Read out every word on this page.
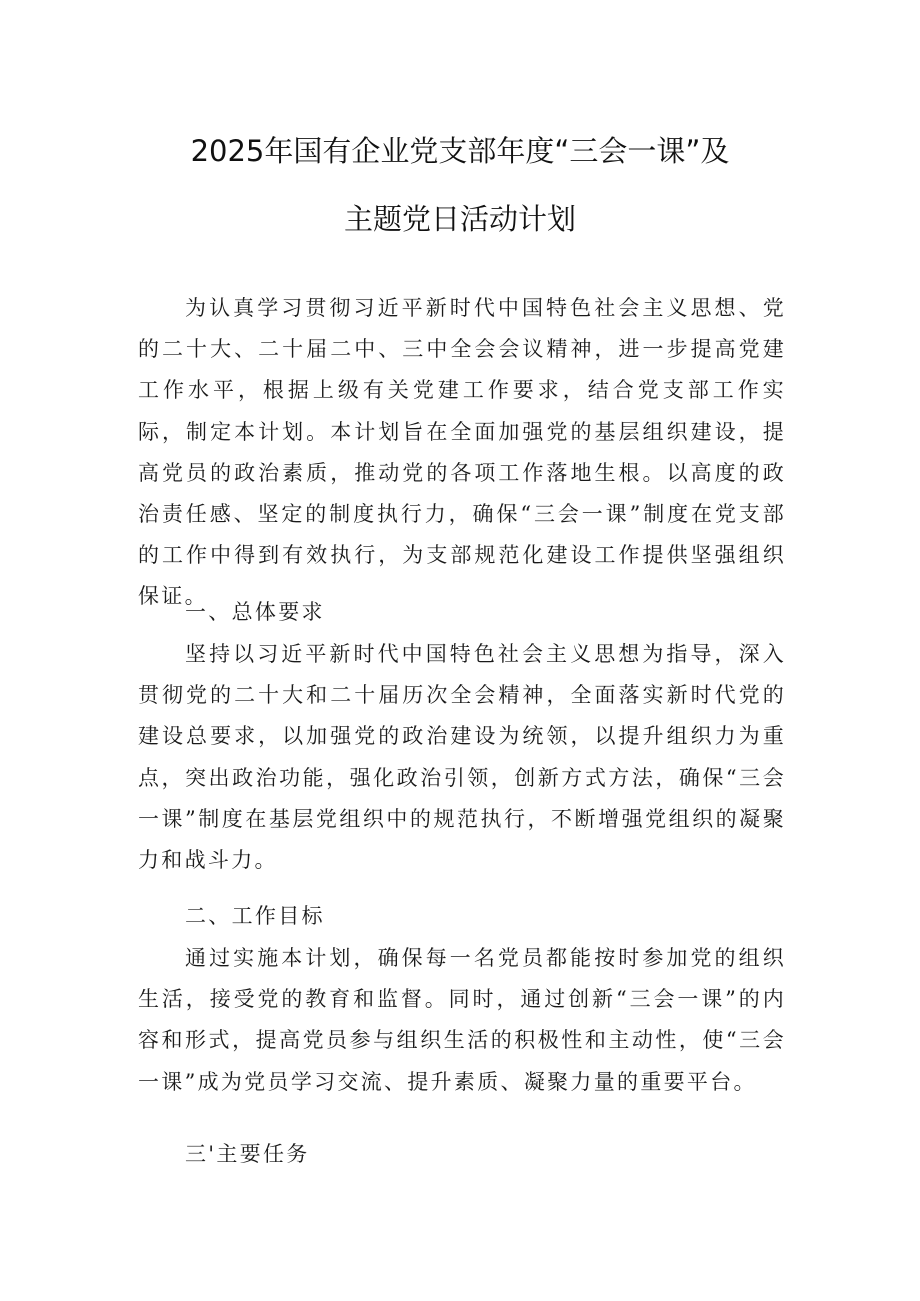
2025年国有企业党支部年度“三会一课”及
主题党日活动计划
为认真学习贯彻习近平新时代中国特色社会主义思想、党的二十大、二十届二中、三中全会会议精神，进一步提高党建工作水平，根据上级有关党建工作要求，结合党支部工作实际，制定本计划。本计划旨在全面加强党的基层组织建设，提高党员的政治素质，推动党的各项工作落地生根。以高度的政治责任感、坚定的制度执行力，确保“三会一课”制度在党支部的工作中得到有效执行，为支部规范化建设工作提供坚强组织保证。
一、总体要求
坚持以习近平新时代中国特色社会主义思想为指导，深入贯彻党的二十大和二十届历次全会精神，全面落实新时代党的建设总要求，以加强党的政治建设为统领，以提升组织力为重点，突出政治功能，强化政治引领，创新方式方法，确保“三会一课”制度在基层党组织中的规范执行，不断增强党组织的凝聚力和战斗力。
二、工作目标
通过实施本计划，确保每一名党员都能按时参加党的组织生活，接受党的教育和监督。同时，通过创新“三会一课”的内容和形式，提高党员参与组织生活的积极性和主动性，使“三会一课”成为党员学习交流、提升素质、凝聚力量的重要平台。
三'主要任务
